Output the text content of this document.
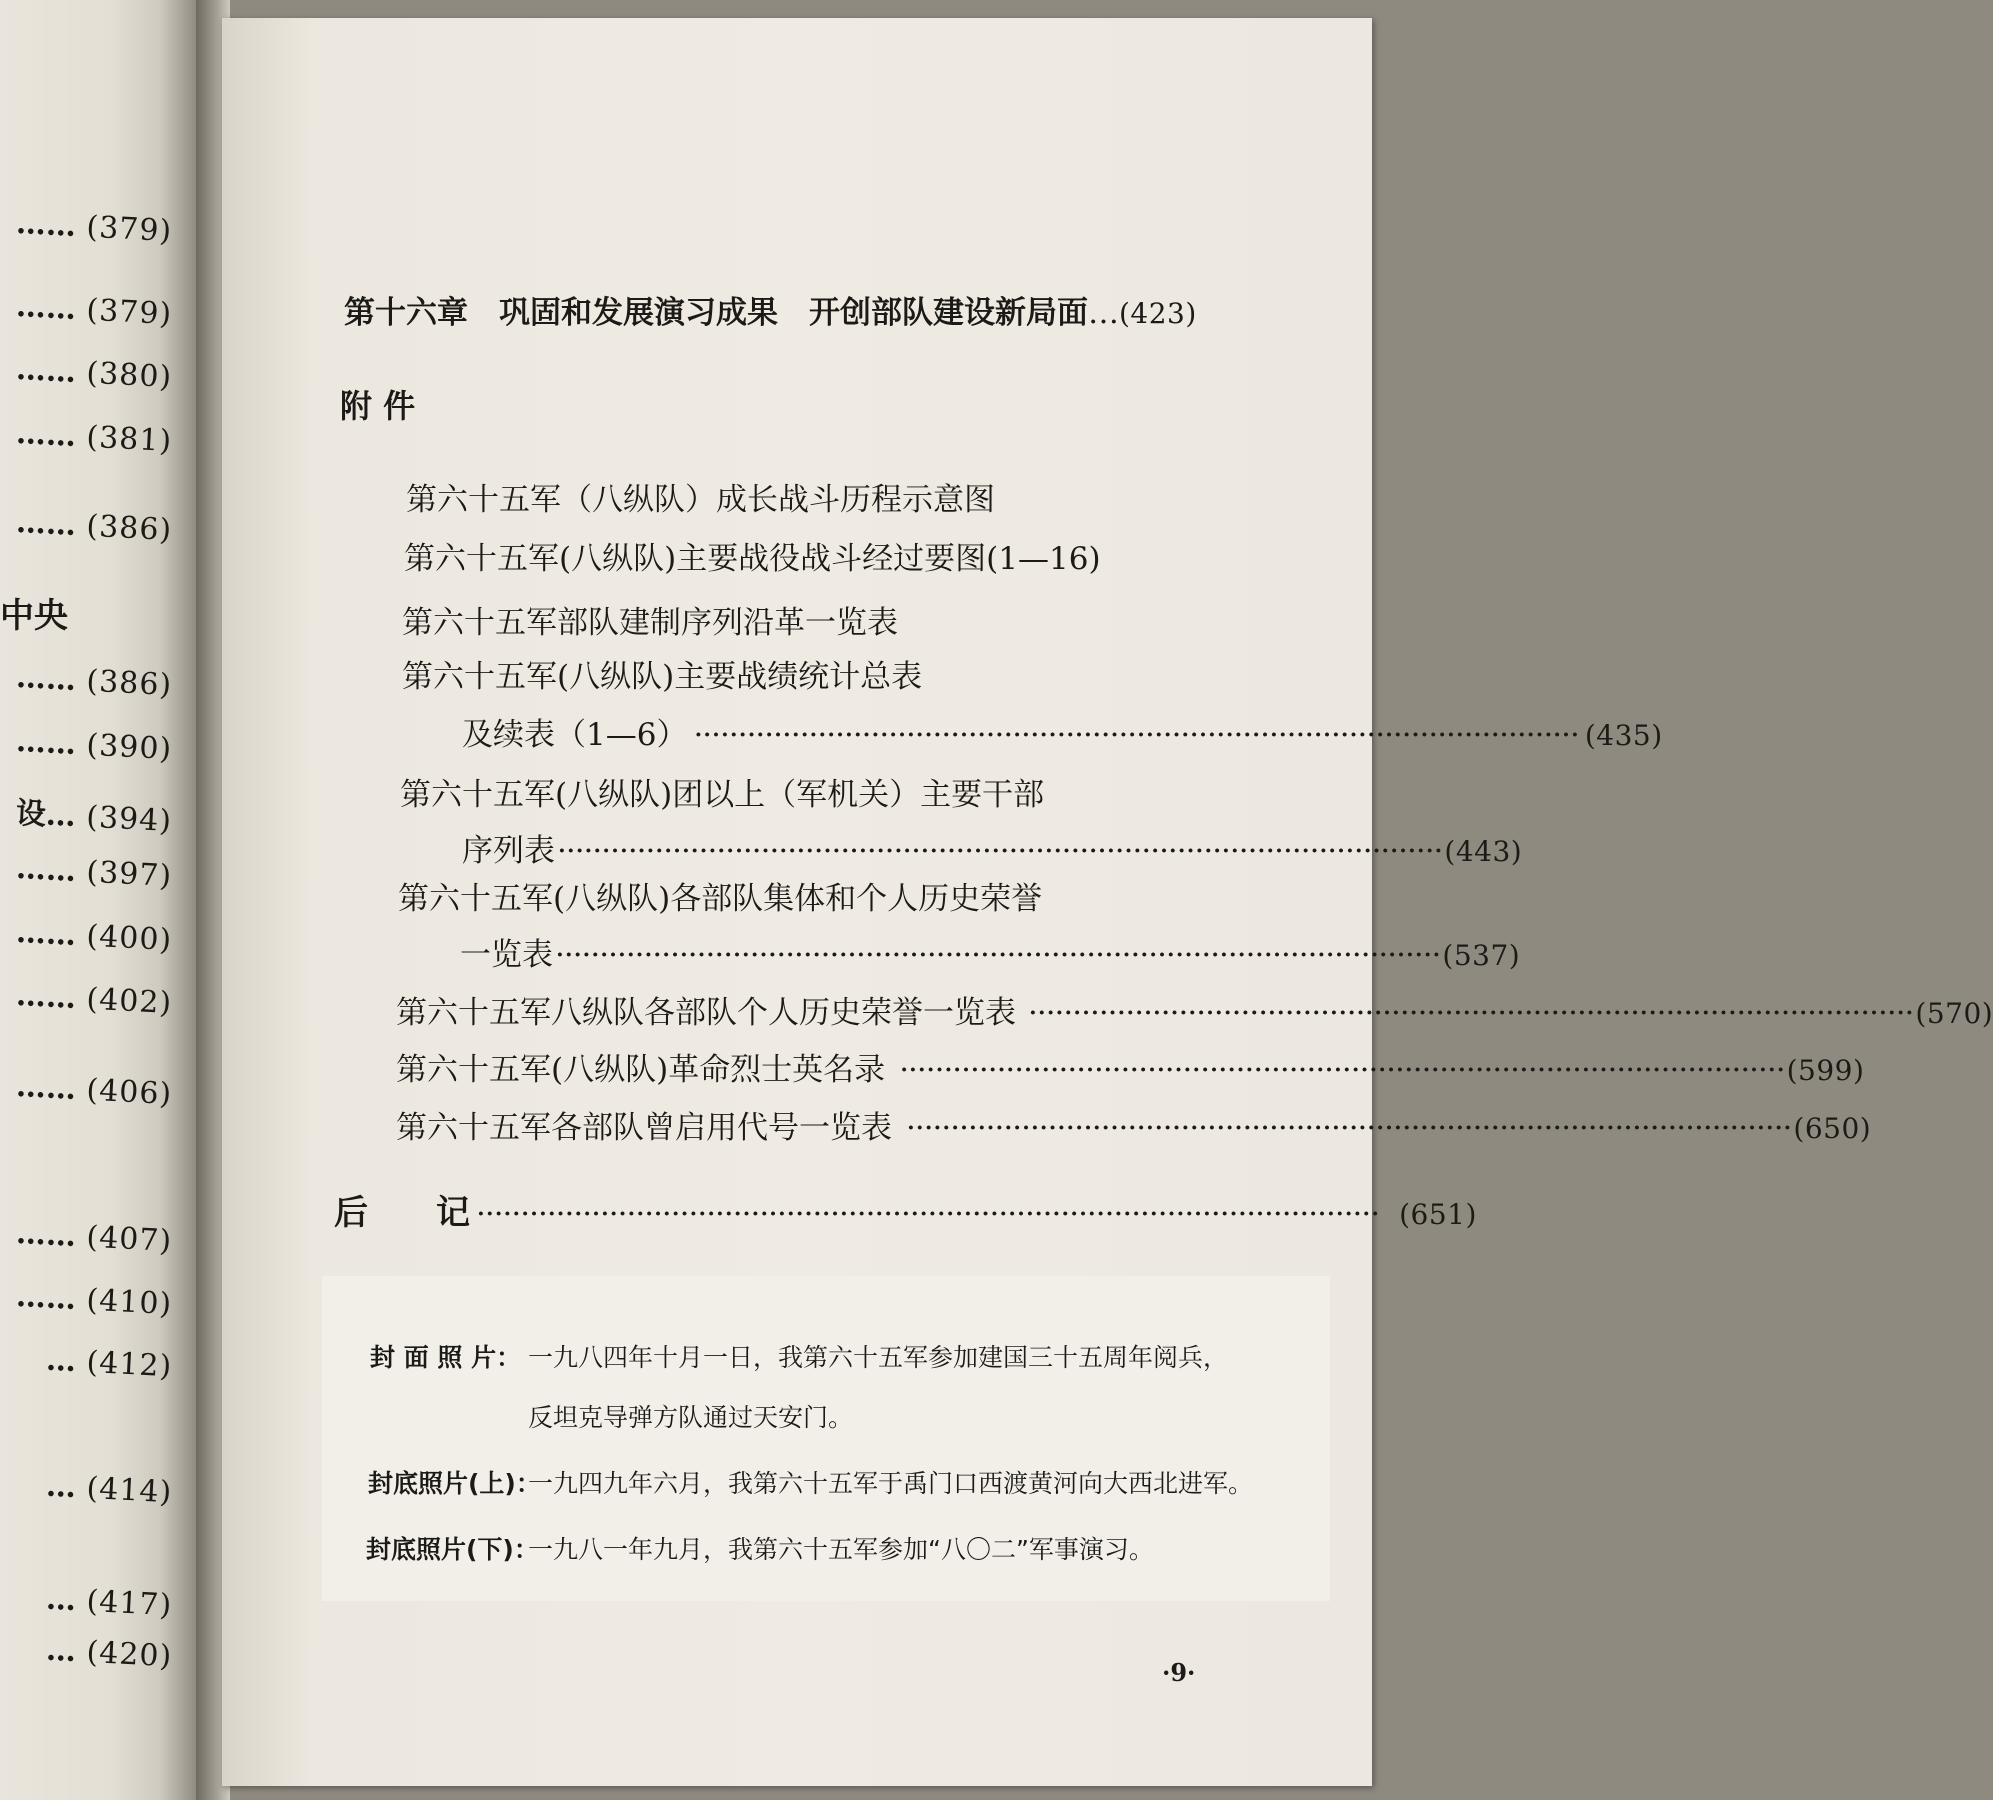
…… (379)
…… (379)
…… (380)
…… (381)
…… (386)
中央
…… (386)
…… (390)
设… (394)
…… (397)
…… (400)
…… (402)
…… (406)
…… (407)
…… (410)
… (412)
… (414)
… (417)
… (420)
第十六章　巩固和发展演习成果　开创部队建设新局面…(423)
附 件
第六十五军（八纵队）成长战斗历程示意图
第六十五军(八纵队)主要战役战斗经过要图(1—16)
第六十五军部队建制序列沿革一览表
第六十五军(八纵队)主要战绩统计总表
及续表（1—6） ···································································································· (435)
第六十五军(八纵队)团以上（军机关）主要干部
序列表 ···································································································· (443)
第六十五军(八纵队)各部队集体和个人历史荣誉
一览表 ···································································································· (537)
第六十五军八纵队各部队个人历史荣誉一览表 ···································································································· (570)
第六十五军(八纵队)革命烈士英名录 ···································································································· (599)
第六十五军各部队曾启用代号一览表 ···································································································· (650)
后　　记 ······································································································ (651)
封 面 照 片： 一九八四年十月一日，我第六十五军参加建国三十五周年阅兵，
反坦克导弹方队通过天安门。
封底照片(上)：一九四九年六月，我第六十五军于禹门口西渡黄河向大西北进军。
封底照片(下)：一九八一年九月，我第六十五军参加“八〇二”军事演习。
·9·
